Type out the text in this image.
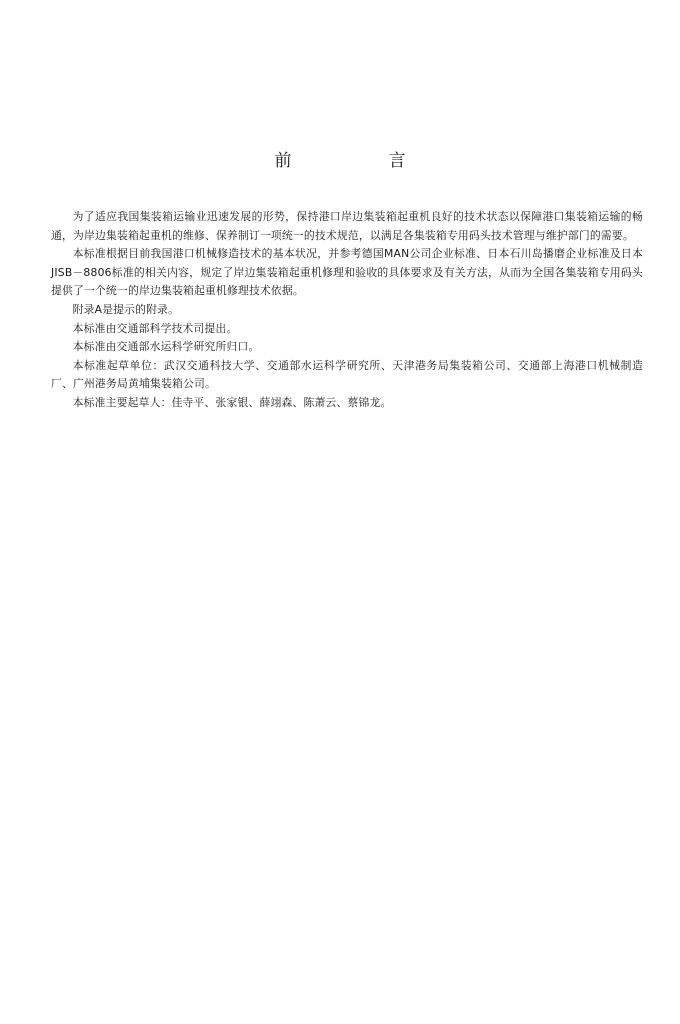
前　言

为了适应我国集装箱运输业迅速发展的形势，保持港口岸边集装箱起重机良好的技术状态以保障港口集装箱运输的畅通，为岸边集装箱起重机的维修、保养制订一项统一的技术规范，以满足各集装箱专用码头技术管理与维护部门的需要。

本标准根据目前我国港口机械修造技术的基本状况，并参考德国MAN公司企业标准、日本石川岛播磨企业标准及日本JISB－8806标准的相关内容，规定了岸边集装箱起重机修理和验收的具体要求及有关方法，从而为全国各集装箱专用码头提供了一个统一的岸边集装箱起重机修理技术依据。

附录A是提示的附录。

本标准由交通部科学技术司提出。

本标准由交通部水运科学研究所归口。

本标准起草单位：武汉交通科技大学、交通部水运科学研究所、天津港务局集装箱公司、交通部上海港口机械制造厂、广州港务局黄埔集装箱公司。

本标准主要起草人：佳寺平、张家银、薛翊森、陈萧云、蔡锦龙。
